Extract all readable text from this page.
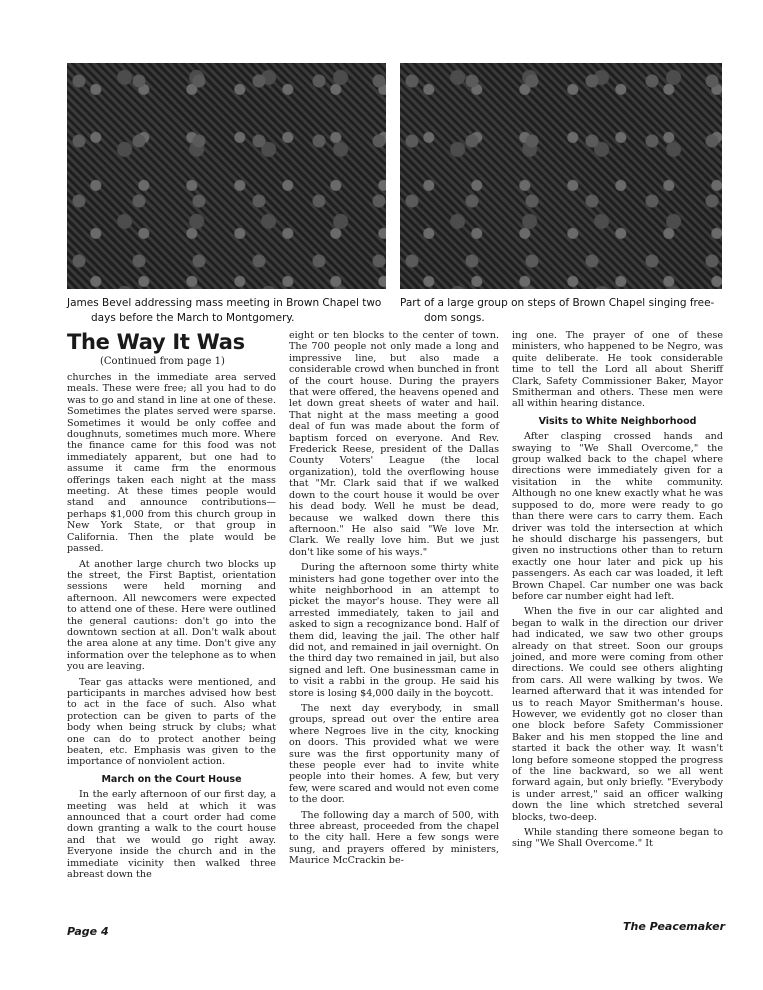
James Bevel addressing mass meeting in Brown Chapel two
days before the March to Montgomery.
Part of a large group on steps of Brown Chapel singing free-
dom songs.
The Way It Was
(Continued from page 1)

churches in the immediate area served meals. These were free; all you had to do was to go and stand in line at one of these. Sometimes the plates served were sparse. Sometimes it would be only coffee and doughnuts, sometimes much more. Where the finance came for this food was not immediately apparent, but one had to assume it came frm the enormous offerings taken each night at the mass meeting. At these times people would stand and announce contributions—perhaps $1,000 from this church group in New York State, or that group in California. Then the plate would be passed.

At another large church two blocks up the street, the First Baptist, orientation sessions were held morning and afternoon. All newcomers were expected to attend one of these. Here were outlined the general cautions: don't go into the downtown section at all. Don't walk about the area alone at any time. Don't give any information over the telephone as to when you are leaving.

Tear gas attacks were mentioned, and participants in marches advised how best to act in the face of such. Also what protection can be given to parts of the body when being struck by clubs; what one can do to protect another being beaten, etc. Emphasis was given to the importance of nonviolent action.

March on the Court House

In the early afternoon of our first day, a meeting was held at which it was announced that a court order had come down granting a walk to the court house and that we would go right away. Everyone inside the church and in the immediate vicinity then walked three abreast down the

eight or ten blocks to the center of town. The 700 people not only made a long and impressive line, but also made a considerable crowd when bunched in front of the court house. During the prayers that were offered, the heavens opened and let down great sheets of water and hail. That night at the mass meeting a good deal of fun was made about the form of baptism forced on everyone. And Rev. Frederick Reese, president of the Dallas County Voters' League (the local organization), told the overflowing house that "Mr. Clark said that if we walked down to the court house it would be over his dead body. Well he must be dead, because we walked down there this afternoon." He also said "We love Mr. Clark. We really love him. But we just don't like some of his ways."

During the afternoon some thirty white ministers had gone together over into the white neighborhood in an attempt to picket the mayor's house. They were all arrested immediately, taken to jail and asked to sign a recognizance bond. Half of them did, leaving the jail. The other half did not, and remained in jail overnight. On the third day two remained in jail, but also signed and left. One businessman came in to visit a rabbi in the group. He said his store is losing $4,000 daily in the boycott.

The next day everybody, in small groups, spread out over the entire area where Negroes live in the city, knocking on doors. This provided what we were sure was the first opportunity many of these people ever had to invite white people into their homes. A few, but very few, were scared and would not even come to the door.

The following day a march of 500, with three abreast, proceeded from the chapel to the city hall. Here a few songs were sung, and prayers offered by ministers, Maurice McCrackin be-

ing one. The prayer of one of these ministers, who happened to be Negro, was quite deliberate. He took considerable time to tell the Lord all about Sheriff Clark, Safety Commissioner Baker, Mayor Smitherman and others. These men were all within hearing distance.

Visits to White Neighborhood

After clasping crossed hands and swaying to "We Shall Overcome," the group walked back to the chapel where directions were immediately given for a visitation in the white community. Although no one knew exactly what he was supposed to do, more were ready to go than there were cars to carry them. Each driver was told the intersection at which he should discharge his passengers, but given no instructions other than to return exactly one hour later and pick up his passengers. As each car was loaded, it left Brown Chapel. Car number one was back before car number eight had left.

When the five in our car alighted and began to walk in the direction our driver had indicated, we saw two other groups already on that street. Soon our groups joined, and more were coming from other directions. We could see others alighting from cars. All were walking by twos. We learned afterward that it was intended for us to reach Mayor Smitherman's house. However, we evidently got no closer than one block before Safety Commissioner Baker and his men stopped the line and started it back the other way. It wasn't long before someone stopped the progress of the line backward, so we all went forward again, but only briefly. "Everybody is under arrest," said an officer walking down the line which stretched several blocks, two-deep.

While standing there someone began to sing "We Shall Overcome." It

Page 4	The Peacemaker
